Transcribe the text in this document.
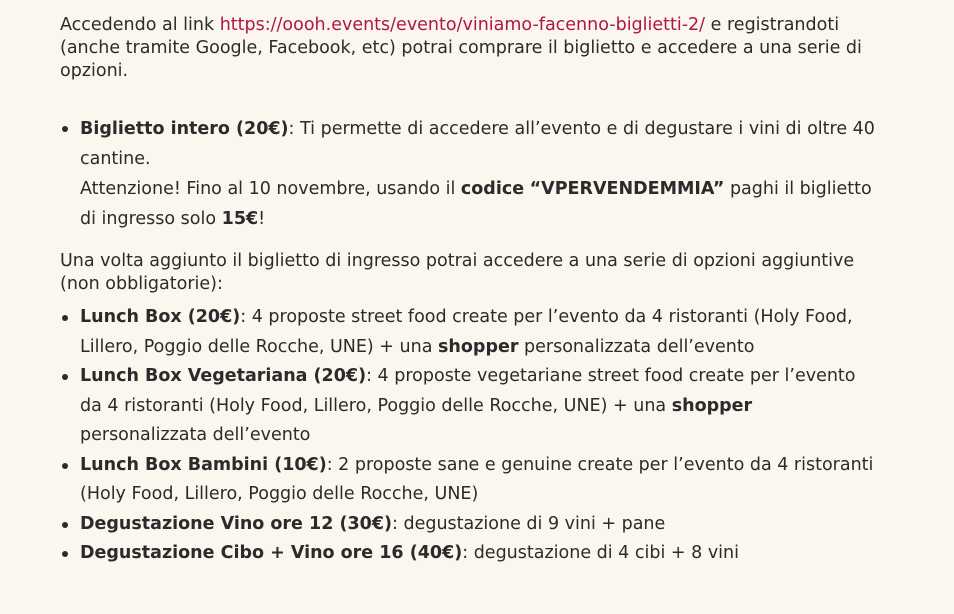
Accedendo al link https://oooh.events/evento/viniamo-facenno-biglietti-2/ e registrandoti (anche tramite Google, Facebook, etc) potrai comprare il biglietto e accedere a una serie di opzioni.

Biglietto intero (20€): Ti permette di accedere all’evento e di degustare i vini di oltre 40 cantine.
Attenzione! Fino al 10 novembre, usando il codice “VPERVENDEMMIA” paghi il biglietto di ingresso solo 15€!

Una volta aggiunto il biglietto di ingresso potrai accedere a una serie di opzioni aggiuntive (non obbligatorie):

Lunch Box (20€): 4 proposte street food create per l’evento da 4 ristoranti (Holy Food, Lillero, Poggio delle Rocche, UNE) + una shopper personalizzata dell’evento
Lunch Box Vegetariana (20€): 4 proposte vegetariane street food create per l’evento da 4 ristoranti (Holy Food, Lillero, Poggio delle Rocche, UNE) + una shopper personalizzata dell’evento
Lunch Box Bambini (10€): 2 proposte sane e genuine create per l’evento da 4 ristoranti (Holy Food, Lillero, Poggio delle Rocche, UNE)
Degustazione Vino ore 12 (30€): degustazione di 9 vini + pane
Degustazione Cibo + Vino ore 16 (40€): degustazione di 4 cibi + 8 vini
